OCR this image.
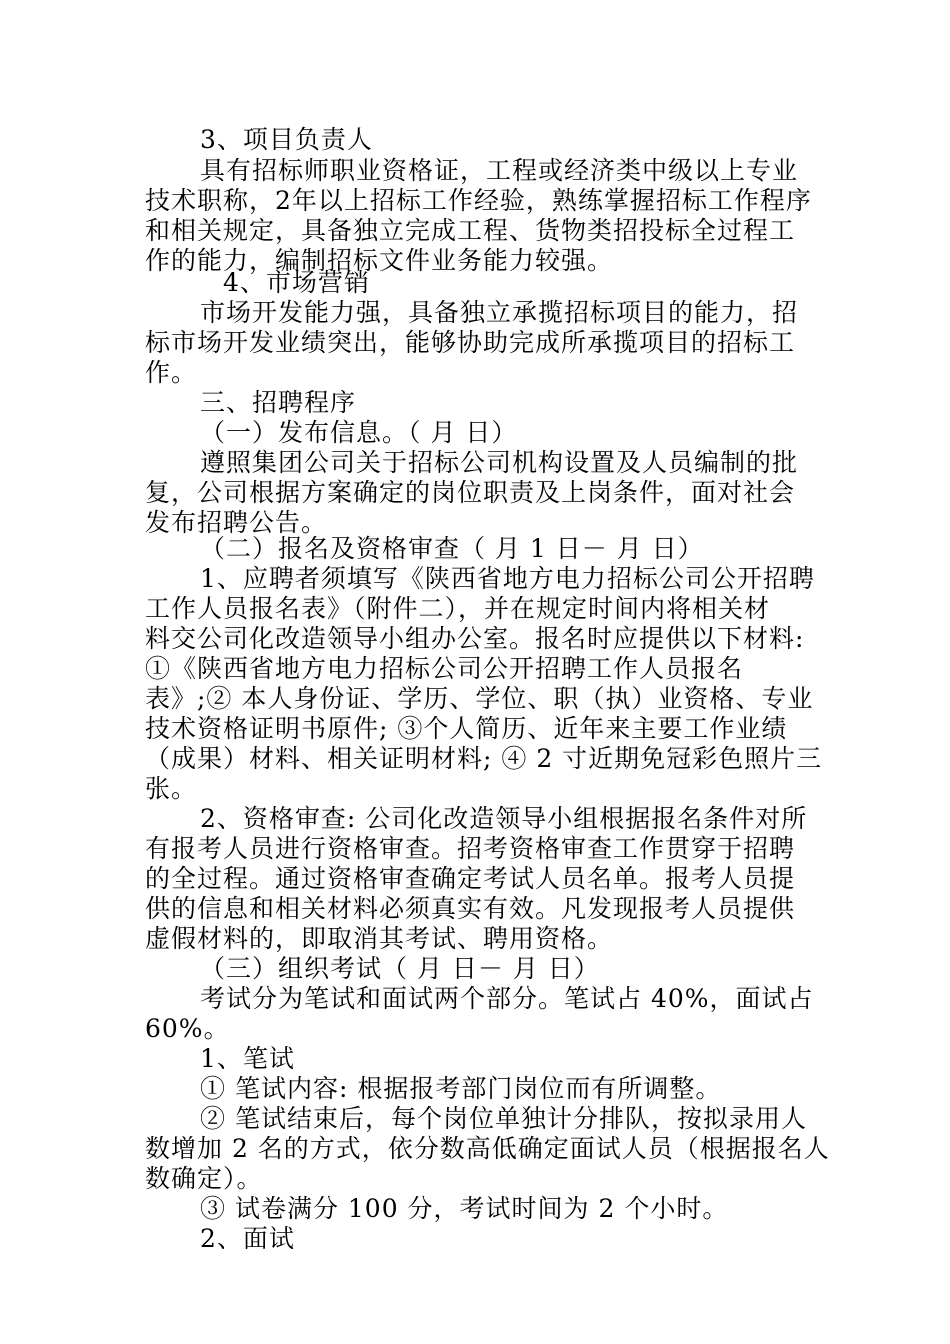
3、项目负责人
具有招标师职业资格证，工程或经济类中级以上专业
技术职称，2年以上招标工作经验，熟练掌握招标工作程序
和相关规定，具备独立完成工程、货物类招投标全过程工
作的能力，编制招标文件业务能力较强。
4、市场营销
市场开发能力强，具备独立承揽招标项目的能力，招
标市场开发业绩突出，能够协助完成所承揽项目的招标工
作。
三、招聘程序
（一）发布信息。（ 月 日）
遵照集团公司关于招标公司机构设置及人员编制的批
复，公司根据方案确定的岗位职责及上岗条件，面对社会
发布招聘公告。
（二）报名及资格审查（ 月 1 日－ 月 日）
1、应聘者须填写《陕西省地方电力招标公司公开招聘
工作人员报名表》（附件二），并在规定时间内将相关材
料交公司化改造领导小组办公室。报名时应提供以下材料:
①《陕西省地方电力招标公司公开招聘工作人员报名
表》;② 本人身份证、学历、学位、职（执）业资格、专业
技术资格证明书原件; ③个人简历、近年来主要工作业绩
（成果）材料、相关证明材料; ④ 2 寸近期免冠彩色照片三
张。
2、资格审查: 公司化改造领导小组根据报名条件对所
有报考人员进行资格审查。招考资格审查工作贯穿于招聘
的全过程。通过资格审查确定考试人员名单。报考人员提
供的信息和相关材料必须真实有效。凡发现报考人员提供
虚假材料的，即取消其考试、聘用资格。
（三）组织考试（ 月 日－ 月 日）
考试分为笔试和面试两个部分。笔试占 40%，面试占
60%。
1、笔试
① 笔试内容: 根据报考部门岗位而有所调整。
② 笔试结束后，每个岗位单独计分排队，按拟录用人
数增加 2 名的方式，依分数高低确定面试人员（根据报名人
数确定）。
③ 试卷满分 100 分，考试时间为 2 个小时。
2、面试
